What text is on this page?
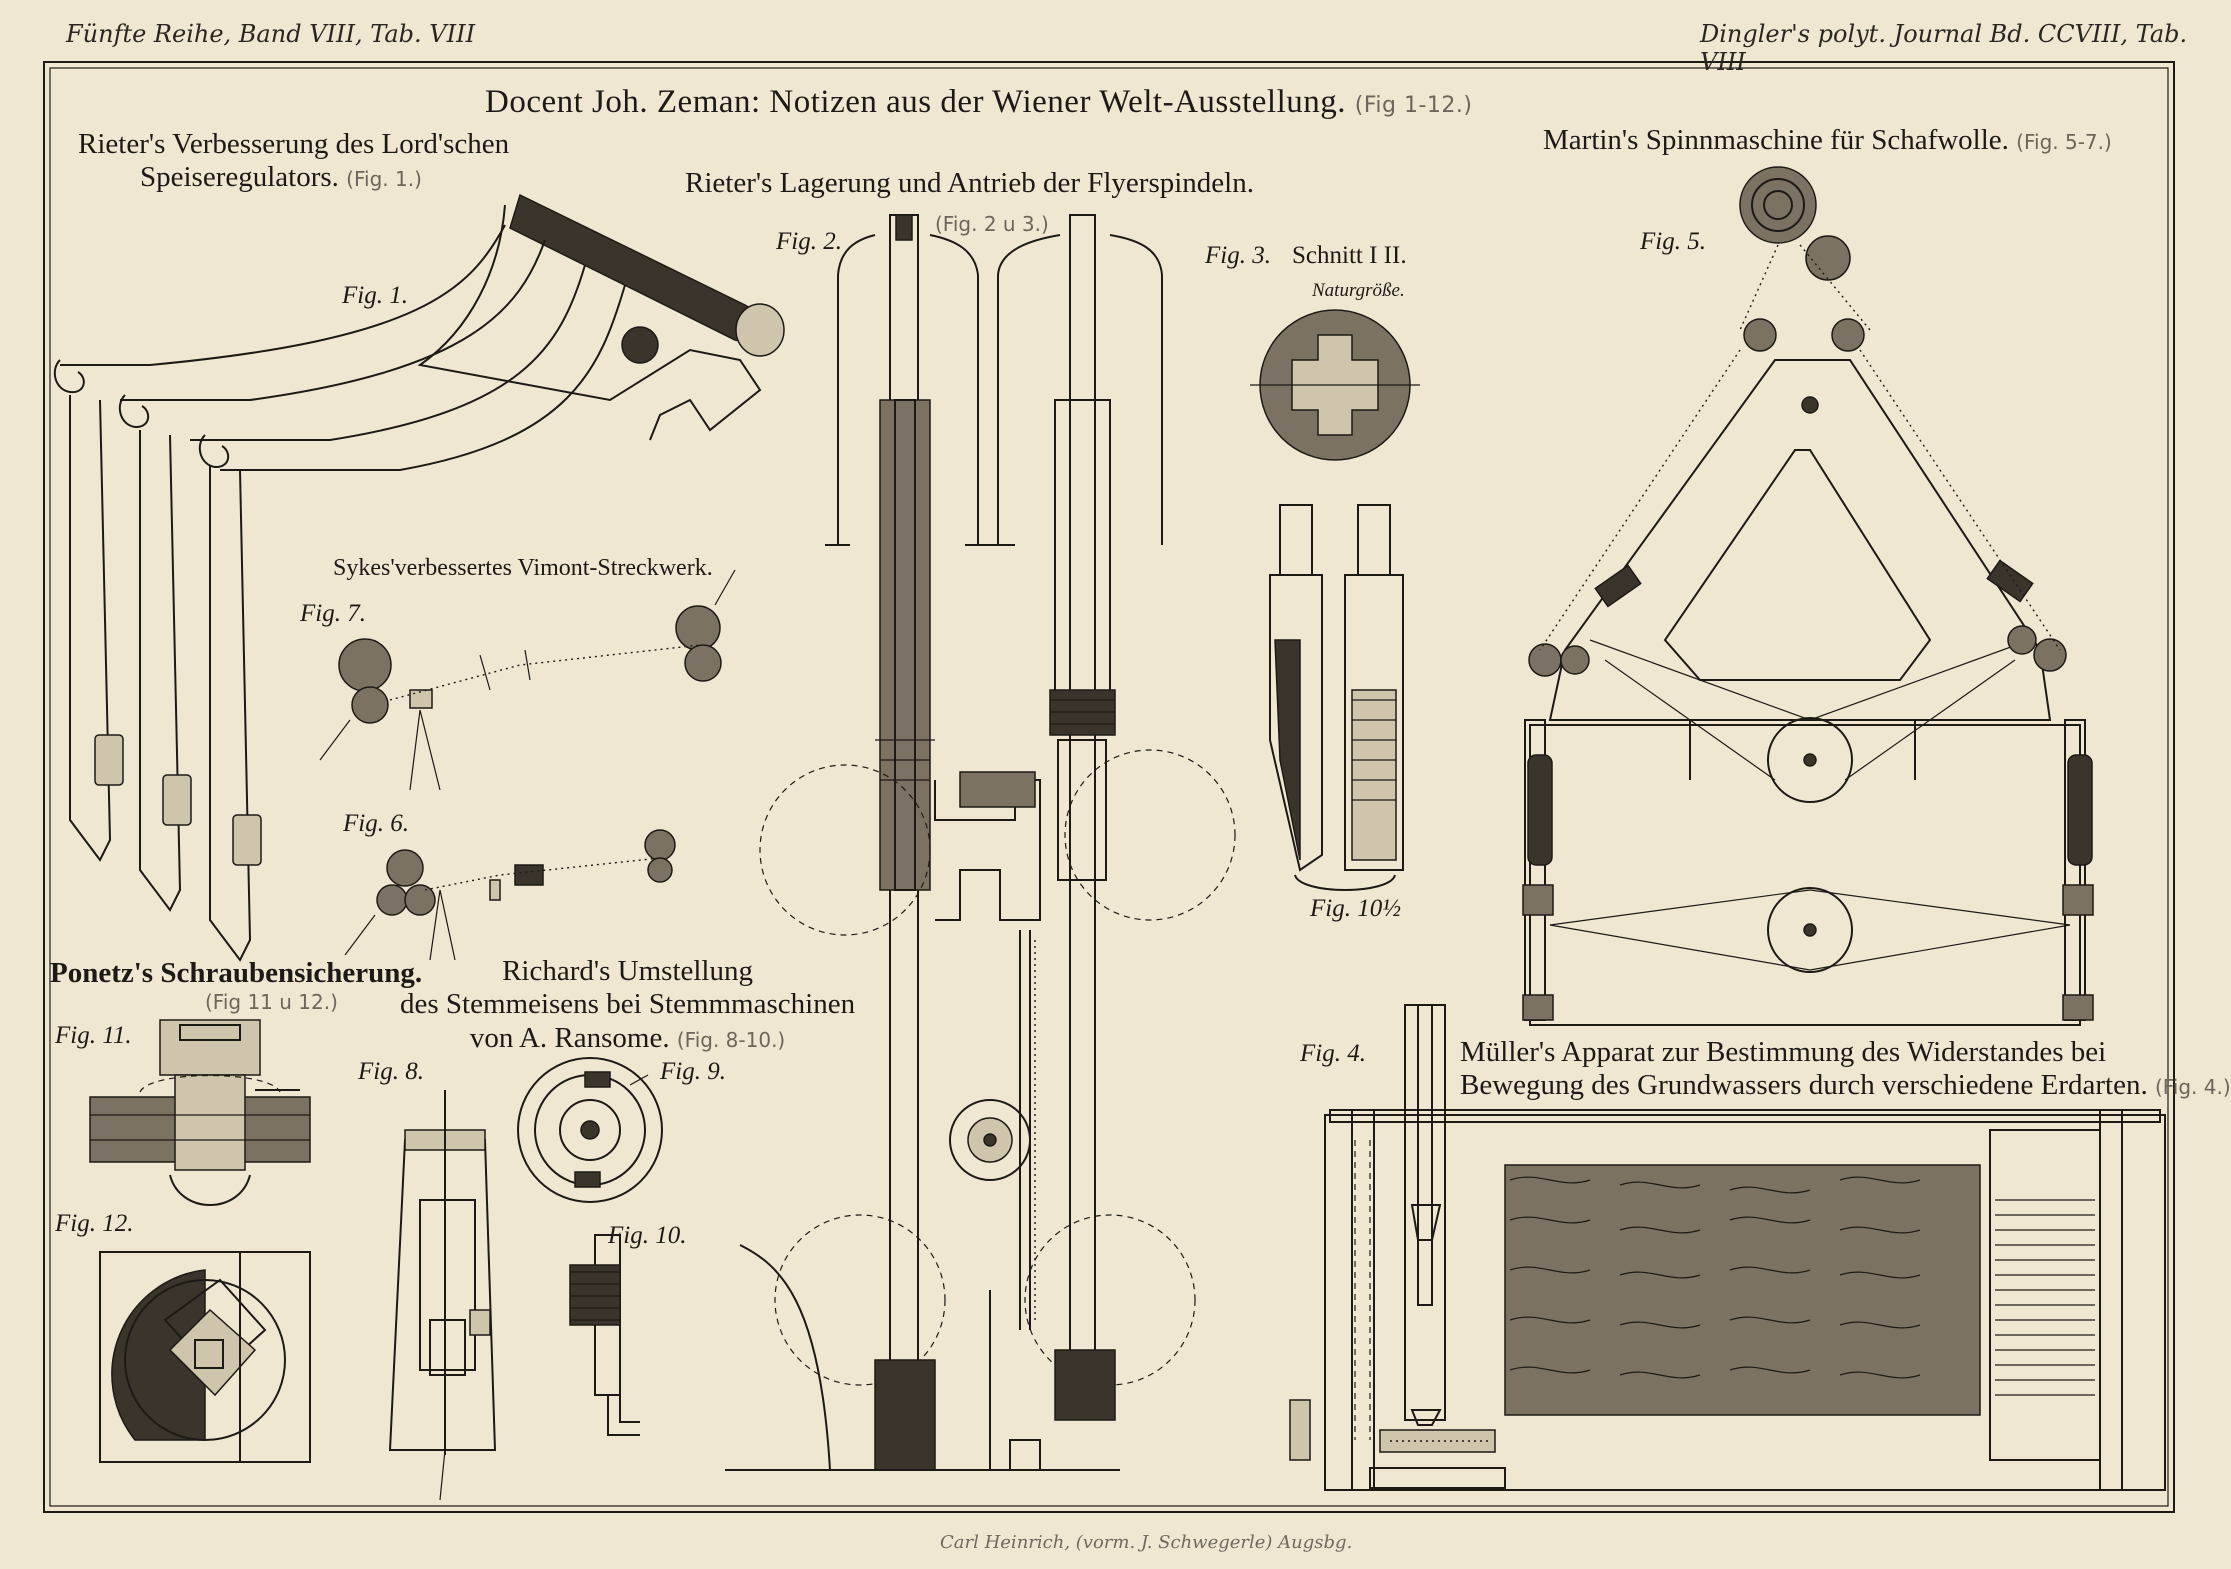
Fünfte Reihe, Band VIII, Tab. VIII	Dingler's polyt. Journal Bd. CCVIII, Tab. VIII
Docent Joh. Zeman: Notizen aus der Wiener Welt-Ausstellung. (Fig 1-12.)
Rieter's Verbesserung des Lord'schen
Speiseregulators. (Fig. 1.)	Rieter's Lagerung und Antrieb der Flyerspindeln.
(Fig. 2 u 3.)
Martin's Spinnmaschine für Schafwolle. (Fig. 5-7.)
Sykes'verbessertes Vimont-Streckwerk.
Ponetz's Schraubensicherung.
(Fig 11 u 12.)
Richard's Umstellung
des Stemmeisens bei Stemmmaschinen
von A. Ransome. (Fig. 8-10.)	Müller's Apparat zur Bestimmung des Widerstandes bei
Bewegung des Grundwassers durch verschiedene Erdarten. (Fig. 4.)
Fig. 1.
Fig. 2.
Fig. 3. Schnitt I II.
Naturgröße.
Fig. 4.
Fig. 5.
Fig. 6.
Fig. 7.
Fig. 8.	Fig. 9.
Fig. 10.
Fig. 10½
Fig. 11.
Fig. 12.
Carl Heinrich, (vorm. J. Schwegerle) Augsbg.
